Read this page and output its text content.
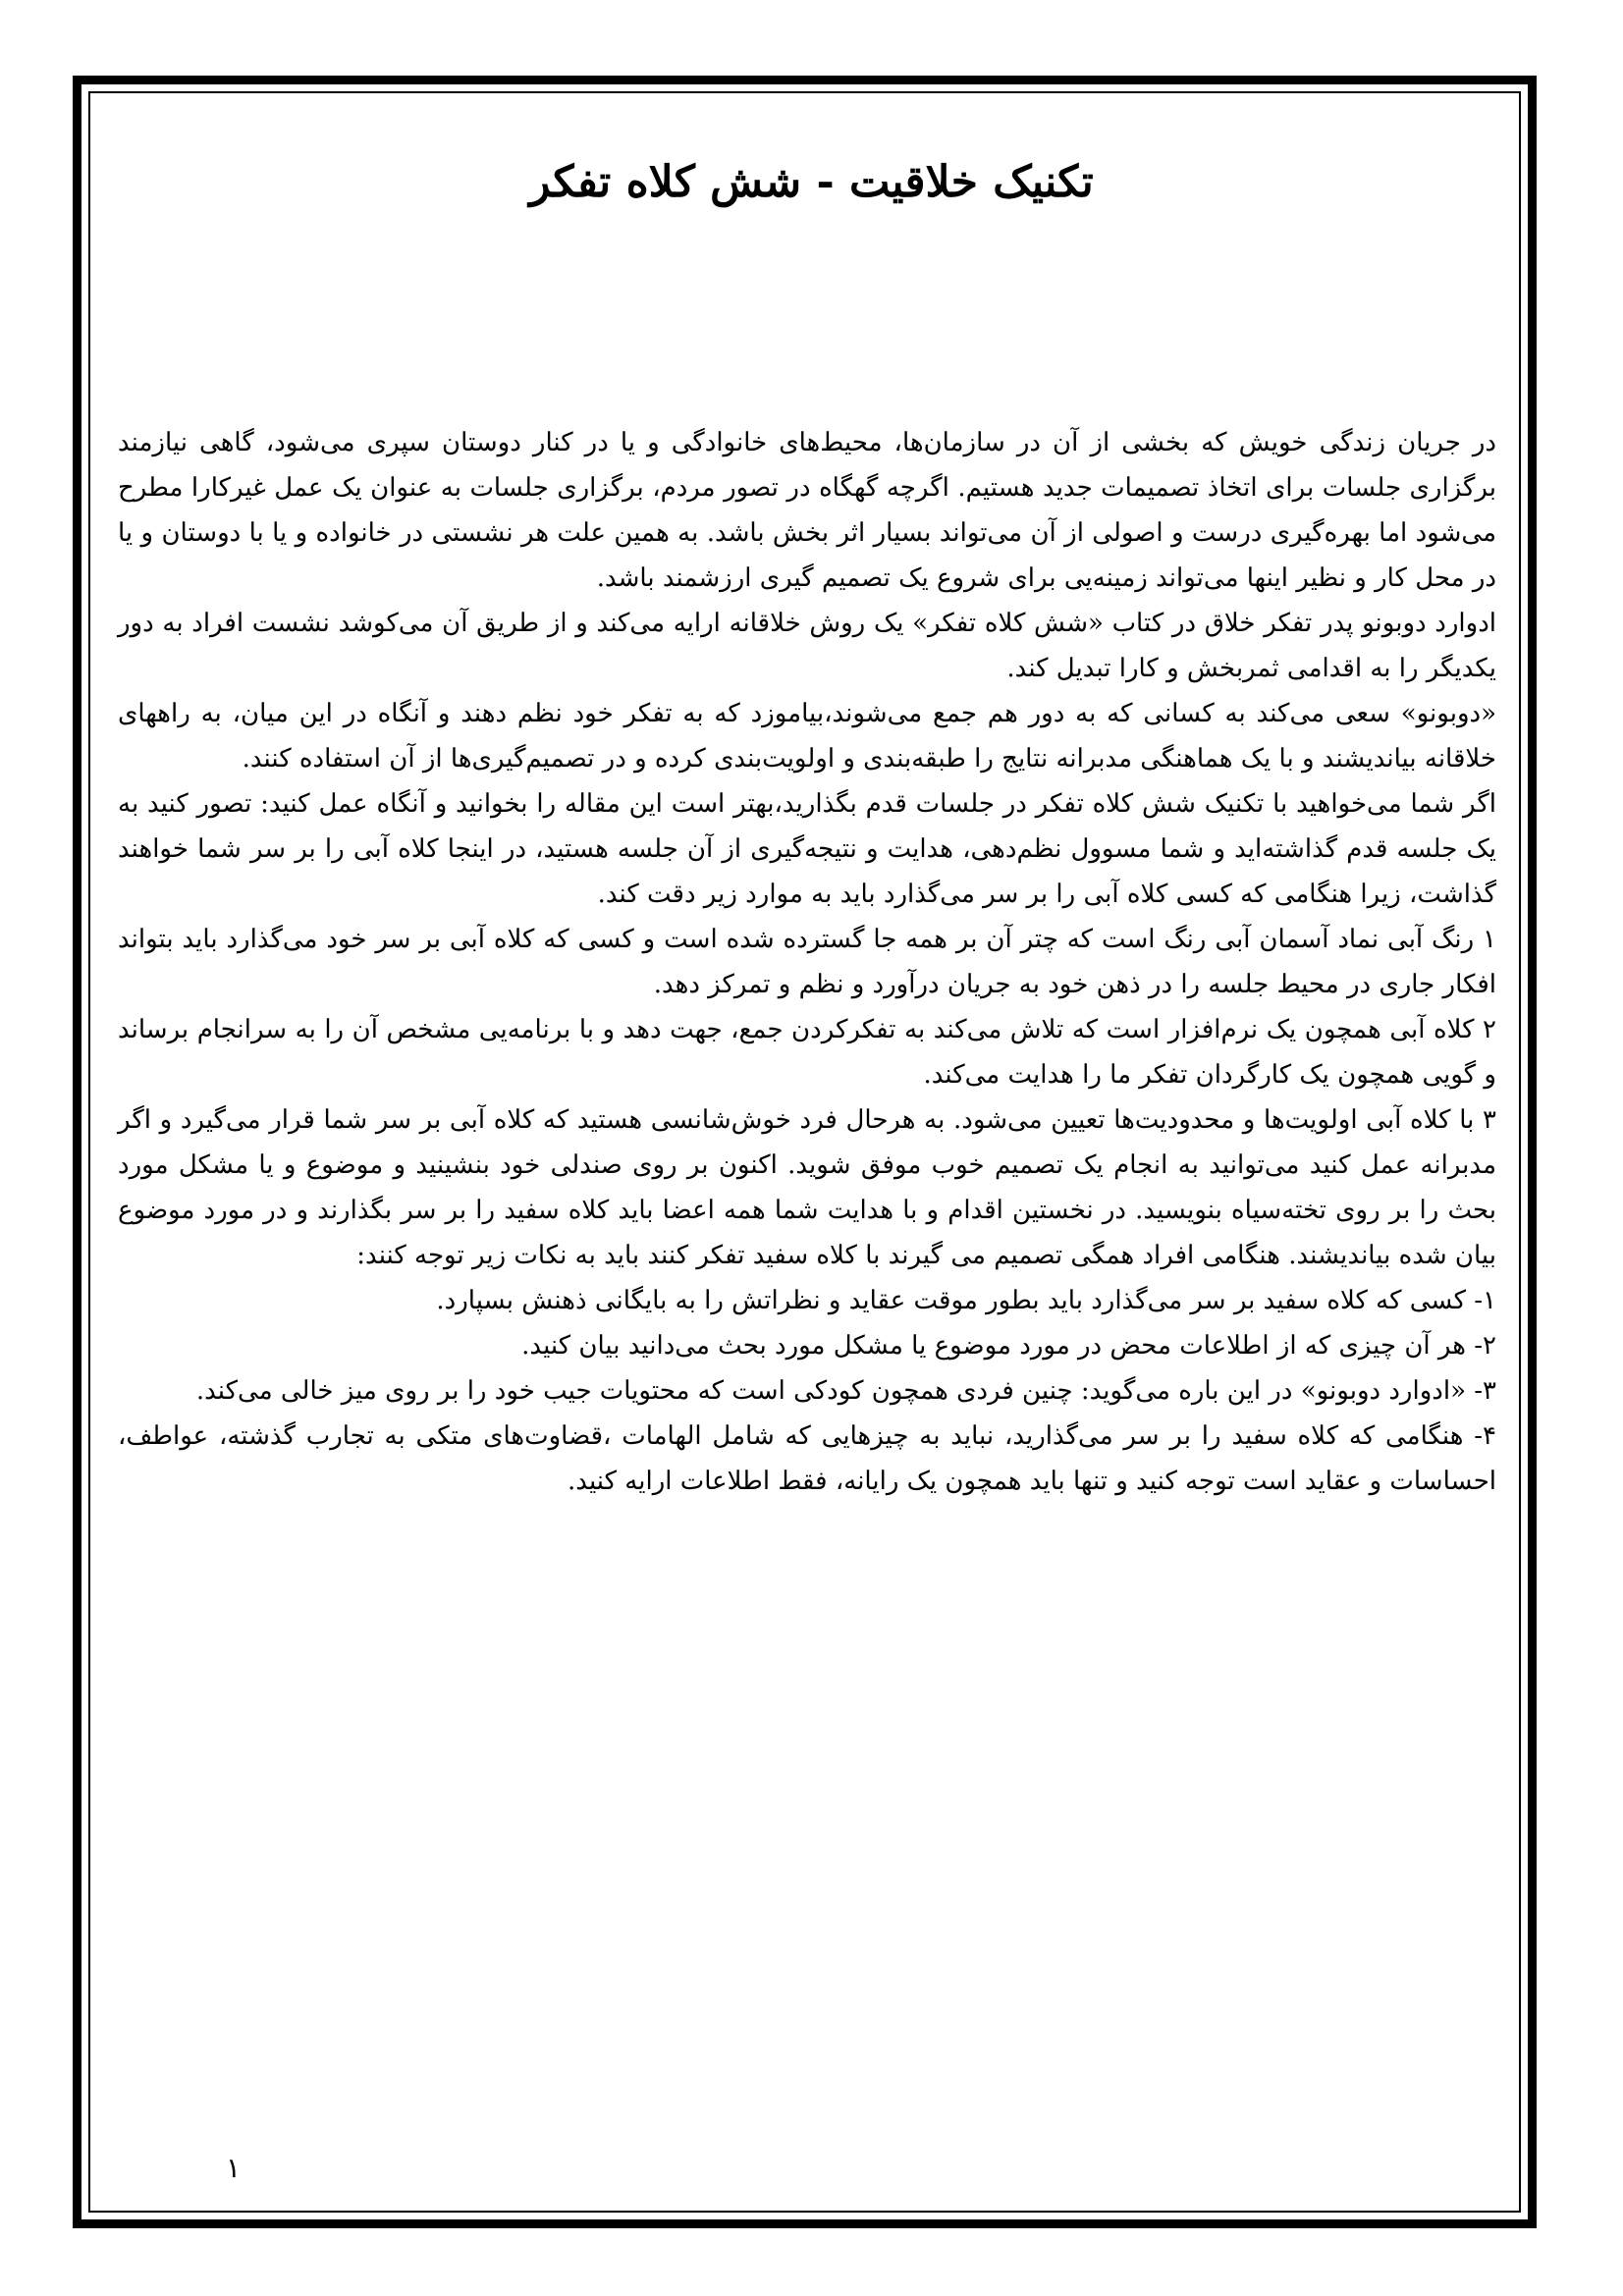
تکنیک خلاقیت - شش کلاه تفکر

در جریان زندگی خویش که بخشی از آن در سازمان‌ها، محیط‌های خانوادگی و یا در کنار دوستان سپری می‌شود، گاهی نیازمند برگزاری جلسات برای اتخاذ تصمیمات جدید هستیم. اگرچه گهگاه در تصور مردم، برگزاری جلسات به عنوان یک عمل غیرکارا مطرح می‌شود اما بهره‌گیری درست و اصولی از آن می‌تواند بسیار اثر بخش باشد. به همین علت هر نشستی در خانواده و یا با دوستان و یا در محل کار و نظیر اینها می‌تواند زمینه‌یی برای شروع یک تصمیم گیری ارزشمند باشد.

ادوارد دوبونو پدر تفکر خلاق در کتاب «شش کلاه تفکر» یک روش خلاقانه ارایه می‌کند و از طریق آن می‌کوشد نشست افراد به دور یکدیگر را به اقدامی ثمربخش و کارا تبدیل کند.

«دوبونو» سعی می‌کند به کسانی که به دور هم جمع می‌شوند،بیاموزد که به تفکر خود نظم دهند و آنگاه در این میان، به راههای خلاقانه بیاندیشند و با یک هماهنگی مدبرانه نتایج را طبقه‌بندی و اولویت‌بندی کرده و در تصمیم‌گیری‌ها از آن استفاده کنند.

اگر شما می‌خواهید با تکنیک شش کلاه تفکر در جلسات قدم بگذارید،بهتر است این مقاله را بخوانید و آنگاه عمل کنید: تصور کنید به یک جلسه قدم گذاشته‌اید و شما مسوول نظم‌دهی، هدایت و نتیجه‌گیری از آن جلسه هستید، در اینجا کلاه آبی را بر سر شما خواهند گذاشت، زیرا هنگامی که کسی کلاه آبی را بر سر می‌گذارد باید به موارد زیر دقت کند.

۱ رنگ آبی نماد آسمان آبی رنگ است که چتر آن بر همه جا گسترده شده است و کسی که کلاه آبی بر سر خود می‌گذارد باید بتواند افکار جاری در محیط جلسه را در ذهن خود به جریان درآورد و نظم و تمرکز دهد.

۲ کلاه آبی همچون یک نرم‌افزار است که تلاش می‌کند به تفکرکردن جمع، جهت دهد و با برنامه‌یی مشخص آن را به سرانجام برساند و گویی همچون یک کارگردان تفکر ما را هدایت می‌کند.

۳ با کلاه آبی اولویت‌ها و محدودیت‌ها تعیین می‌شود. به هرحال فرد خوش‌شانسی هستید که کلاه آبی بر سر شما قرار می‌گیرد و اگر مدبرانه عمل کنید می‌توانید به انجام یک تصمیم خوب موفق شوید. اکنون بر روی صندلی خود بنشینید و موضوع و یا مشکل مورد بحث را بر روی تخته‌سیاه بنویسید. در نخستین اقدام و با هدایت شما همه اعضا باید کلاه سفید را بر سر بگذارند و در مورد موضوع بیان شده بیاندیشند. هنگامی افراد همگی تصمیم می گیرند با کلاه سفید تفکر کنند باید به نکات زیر توجه کنند:

۱- کسی که کلاه سفید بر سر می‌گذارد باید بطور موقت عقاید و نظراتش را به بایگانی ذهنش بسپارد.

۲- هر آن چیزی که از اطلاعات محض در مورد موضوع یا مشکل مورد بحث می‌دانید بیان کنید.

۳- «ادوارد دوبونو» در این باره می‌گوید: چنین فردی همچون کودکی است که محتویات جیب خود را بر روی میز خالی می‌کند.

۴- هنگامی که کلاه سفید را بر سر می‌گذارید، نباید به چیزهایی که شامل الهامات ،قضاوت‌های متکی به تجارب گذشته، عواطف، احساسات و عقاید است توجه کنید و تنها باید همچون یک رایانه، فقط اطلاعات ارایه کنید.

۱
